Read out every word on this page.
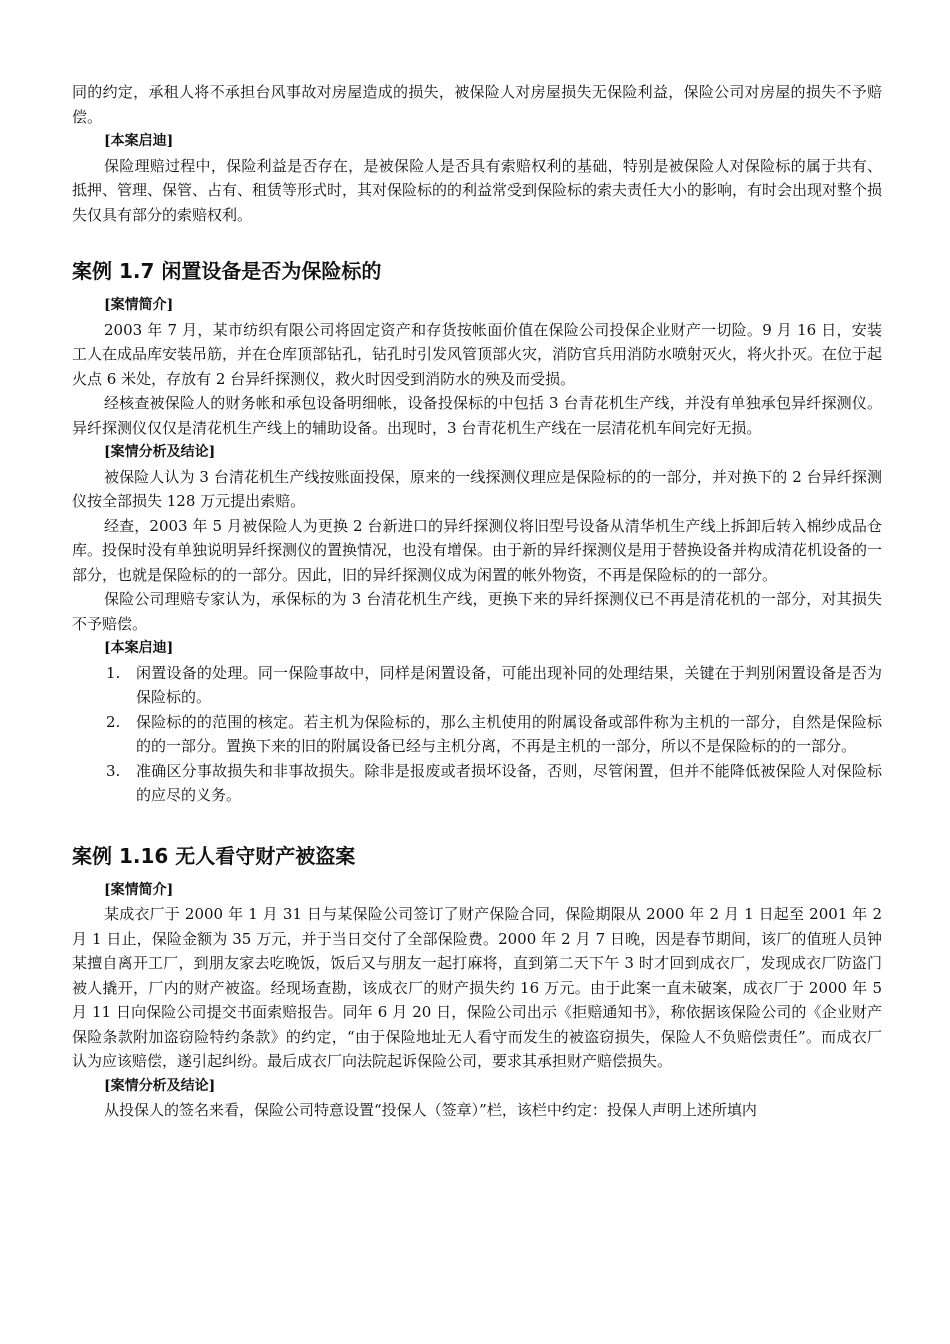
同的约定，承租人将不承担台风事故对房屋造成的损失，被保险人对房屋损失无保险利益，保险公司对房屋的损失不予赔偿。

[本案启迪]

保险理赔过程中，保险利益是否存在，是被保险人是否具有索赔权利的基础，特别是被保险人对保险标的属于共有、抵押、管理、保管、占有、租赁等形式时，其对保险标的的利益常受到保险标的索夫责任大小的影响，有时会出现对整个损失仅具有部分的索赔权利。

案例 1.7 闲置设备是否为保险标的

[案情简介]

2003 年 7 月，某市纺织有限公司将固定资产和存货按帐面价值在保险公司投保企业财产一切险。9 月 16 日，安装工人在成品库安装吊筋，并在仓库顶部钻孔，钻孔时引发风管顶部火灾，消防官兵用消防水喷射灭火，将火扑灭。在位于起火点 6 米处，存放有 2 台异纤探测仪，救火时因受到消防水的殃及而受损。

经核查被保险人的财务帐和承包设备明细帐，设备投保标的中包括 3 台青花机生产线，并没有单独承包异纤探测仪。异纤探测仪仅仅是清花机生产线上的辅助设备。出现时，3 台青花机生产线在一层清花机车间完好无损。

[案情分析及结论]

被保险人认为 3 台清花机生产线按账面投保，原来的一线探测仪理应是保险标的的一部分，并对换下的 2 台异纤探测仪按全部损失 128 万元提出索赔。

经查，2003 年 5 月被保险人为更换 2 台新进口的异纤探测仪将旧型号设备从清华机生产线上拆卸后转入棉纱成品仓库。投保时没有单独说明异纤探测仪的置换情况，也没有增保。由于新的异纤探测仪是用于替换设备并构成清花机设备的一部分，也就是保险标的的一部分。因此，旧的异纤探测仪成为闲置的帐外物资，不再是保险标的的一部分。

保险公司理赔专家认为，承保标的为 3 台清花机生产线，更换下来的异纤探测仪已不再是清花机的一部分，对其损失不予赔偿。

[本案启迪]

1. 闲置设备的处理。同一保险事故中，同样是闲置设备，可能出现补同的处理结果，关键在于判别闲置设备是否为保险标的。
2. 保险标的的范围的核定。若主机为保险标的，那么主机使用的附属设备或部件称为主机的一部分，自然是保险标的的一部分。置换下来的旧的附属设备已经与主机分离，不再是主机的一部分，所以不是保险标的的一部分。
3. 准确区分事故损失和非事故损失。除非是报废或者损坏设备，否则，尽管闲置，但并不能降低被保险人对保险标的应尽的义务。
案例 1.16 无人看守财产被盗案

[案情简介]

某成衣厂于 2000 年 1 月 31 日与某保险公司签订了财产保险合同，保险期限从 2000 年 2 月 1 日起至 2001 年 2 月 1 日止，保险金额为 35 万元，并于当日交付了全部保险费。2000 年 2 月 7 日晚，因是春节期间，该厂的值班人员钟某擅自离开工厂，到朋友家去吃晚饭，饭后又与朋友一起打麻将，直到第二天下午 3 时才回到成衣厂，发现成衣厂防盗门被人撬开，厂内的财产被盗。经现场查勘，该成衣厂的财产损失约 16 万元。由于此案一直未破案，成衣厂于 2000 年 5 月 11 日向保险公司提交书面索赔报告。同年 6 月 20 日，保险公司出示《拒赔通知书》，称依据该保险公司的《企业财产保险条款附加盗窃险特约条款》的约定，“由于保险地址无人看守而发生的被盗窃损失，保险人不负赔偿责任”。而成衣厂认为应该赔偿，遂引起纠纷。最后成衣厂向法院起诉保险公司，要求其承担财产赔偿损失。

[案情分析及结论]

从投保人的签名来看，保险公司特意设置“投保人（签章）”栏，该栏中约定：投保人声明上述所填内
